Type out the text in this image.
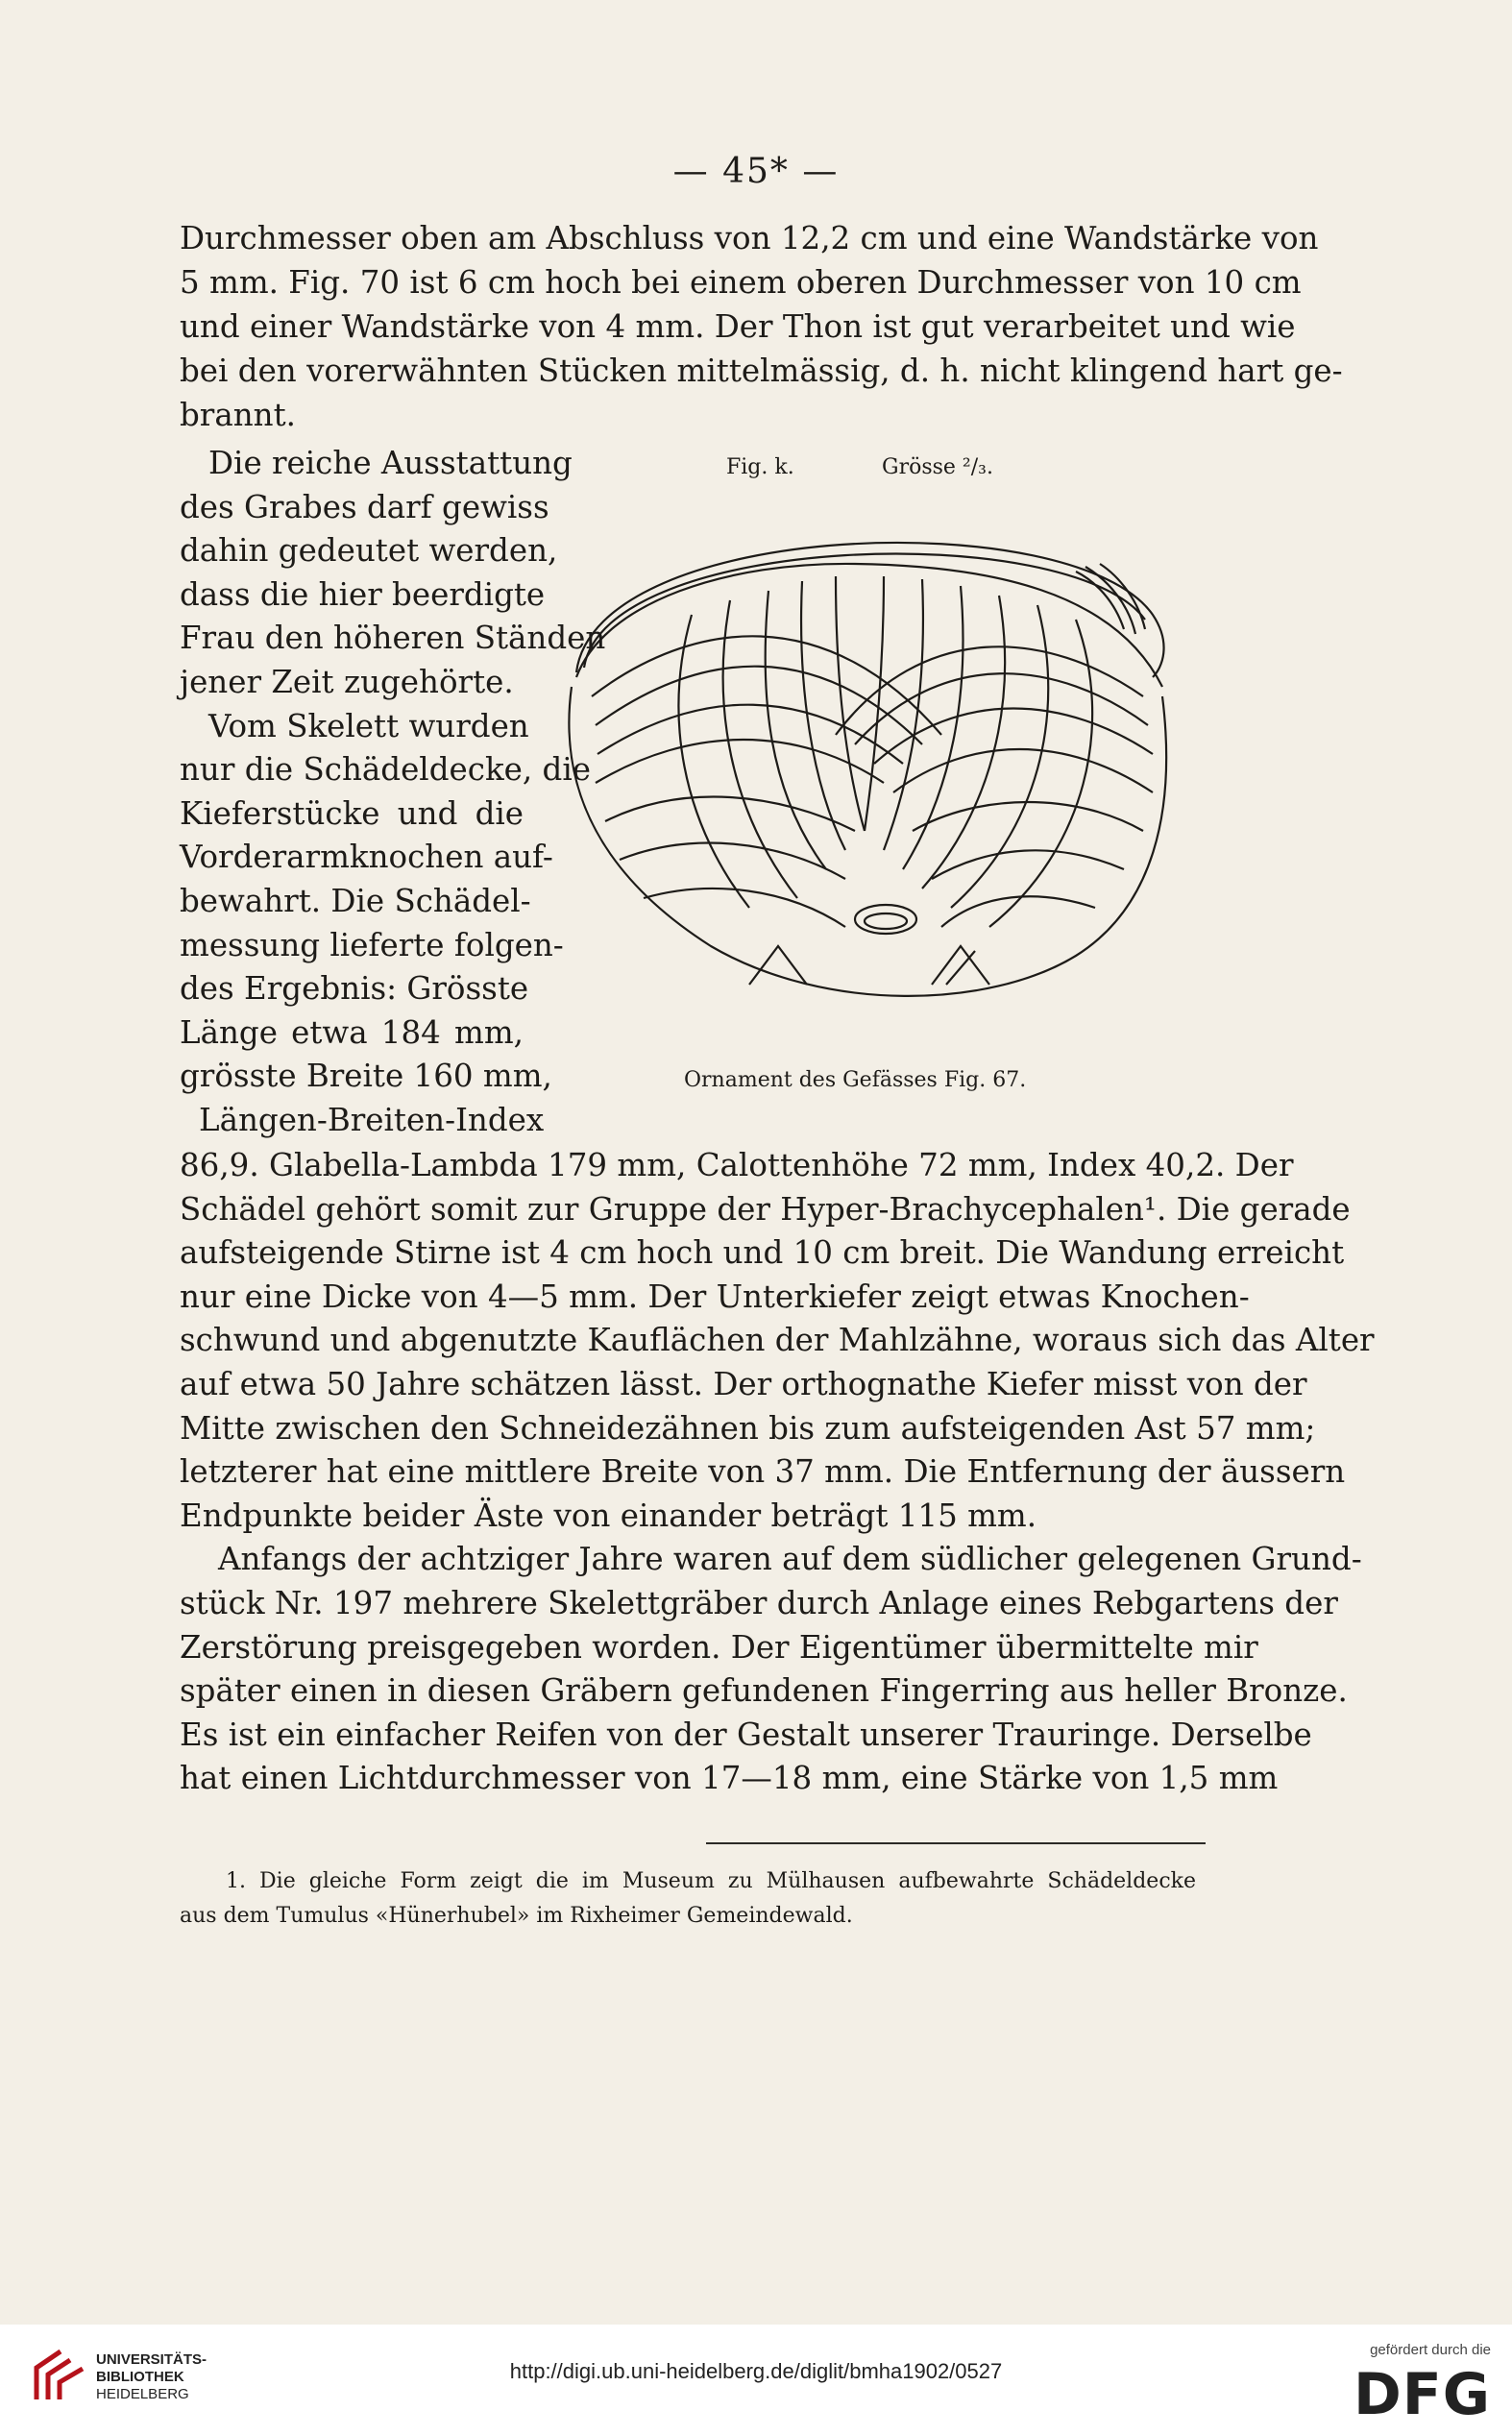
— 45* —
Durchmesser oben am Abschluss von 12,2 cm und eine Wandstärke von
5 mm. Fig. 70 ist 6 cm hoch bei einem oberen Durchmesser von 10 cm
und einer Wandstärke von 4 mm. Der Thon ist gut verarbeitet und wie
bei den vorerwähnten Stücken mittelmässig, d. h. nicht klingend hart ge-
brannt.
Die reiche Ausstattung
des Grabes darf gewiss
dahin gedeutet werden,
dass die hier beerdigte
Frau den höheren Ständen
jener Zeit zugehörte.
Vom Skelett wurden
nur die Schädeldecke, die
Kieferstücke und die
Vorderarmknochen auf-
bewahrt. Die Schädel-
messung lieferte folgen-
des Ergebnis: Grösste
Länge etwa 184 mm,
grösste Breite 160 mm,
Längen-Breiten-Index
Fig. k.	Grösse ²/₃.
Ornament des Gefässes Fig. 67.
86,9. Glabella-Lambda 179 mm, Calottenhöhe 72 mm, Index 40,2. Der
Schädel gehört somit zur Gruppe der Hyper-Brachycephalen¹. Die gerade
aufsteigende Stirne ist 4 cm hoch und 10 cm breit. Die Wandung erreicht
nur eine Dicke von 4—5 mm. Der Unterkiefer zeigt etwas Knochen-
schwund und abgenutzte Kauflächen der Mahlzähne, woraus sich das Alter
auf etwa 50 Jahre schätzen lässt. Der orthognathe Kiefer misst von der
Mitte zwischen den Schneidezähnen bis zum aufsteigenden Ast 57 mm;
letzterer hat eine mittlere Breite von 37 mm. Die Entfernung der äussern
Endpunkte beider Äste von einander beträgt 115 mm.
Anfangs der achtziger Jahre waren auf dem südlicher gelegenen Grund-
stück Nr. 197 mehrere Skelettgräber durch Anlage eines Rebgartens der
Zerstörung preisgegeben worden. Der Eigentümer übermittelte mir
später einen in diesen Gräbern gefundenen Fingerring aus heller Bronze.
Es ist ein einfacher Reifen von der Gestalt unserer Trauringe. Derselbe
hat einen Lichtdurchmesser von 17—18 mm, eine Stärke von 1,5 mm
1. Die gleiche Form zeigt die im Museum zu Mülhausen aufbewahrte Schädeldecke
aus dem Tumulus «Hünerhubel» im Rixheimer Gemeindewald.
UNIVERSITÄTS-
BIBLIOTHEK
HEIDELBERG
http://digi.ub.uni-heidelberg.de/diglit/bmha1902/0527
gefördert durch die
DFG
